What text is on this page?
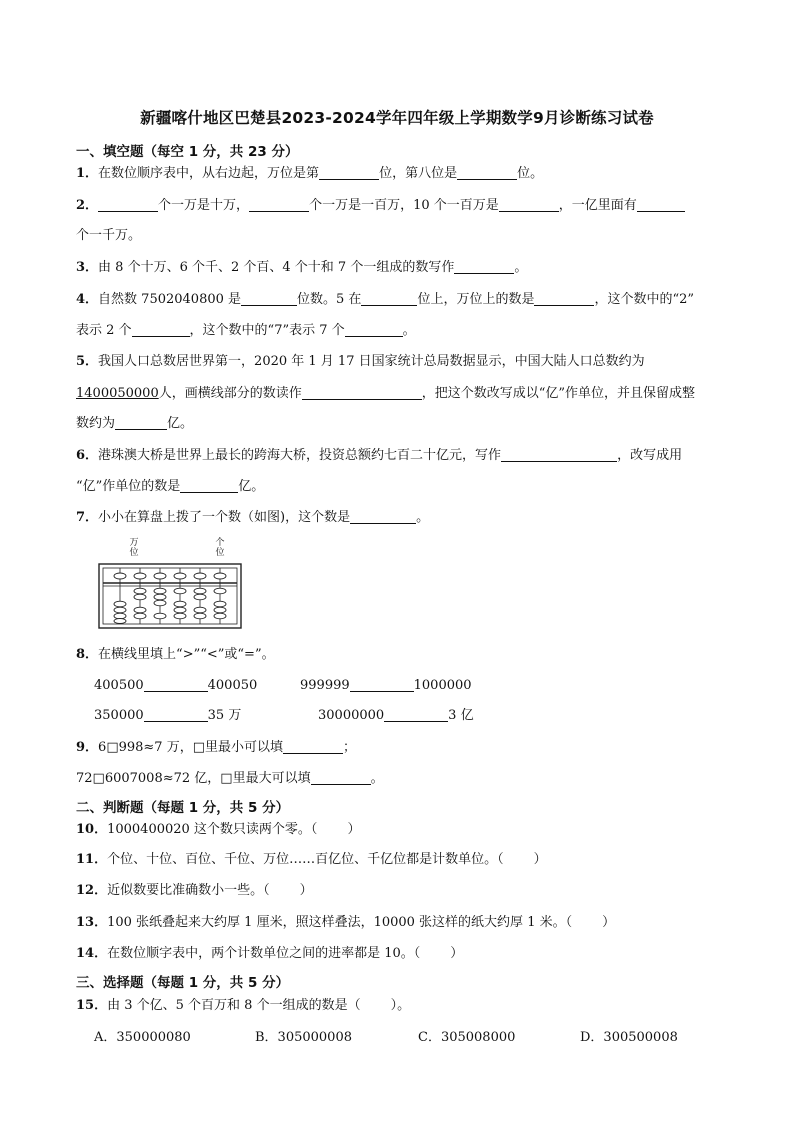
新疆喀什地区巴楚县2023-2024学年四年级上学期数学9月诊断练习试卷
一、填空题（每空 1 分，共 23 分）
1．在数位顺序表中，从右边起，万位是第	位，第八位是	位。
2．	个一万是十万，	个一万是一百万，10 个一百万是	，一亿里面有
个一千万。
3．由 8 个十万、6 个千、2 个百、4 个十和 7 个一组成的数写作	。
4．自然数 7502040800 是	位数。5 在	位上，万位上的数是	，这个数中的“2”
表示 2 个	，这个数中的“7”表示 7 个	。
5．我国人口总数居世界第一，2020 年 1 月 17 日国家统计总局数据显示，中国大陆人口总数约为
1400050000人，画横线部分的数读作	，把这个数改写成以“亿”作单位，并且保留成整
数约为	亿。
6．港珠澳大桥是世界上最长的跨海大桥，投资总额约七百二十亿元，写作	，改写成用
“亿”作单位的数是	亿。
7．小小在算盘上拨了一个数（如图)，这个数是	。
万
位
个
位
8．在横线里填上“>”“<”或“=”。
400500	400050	999999	1000000
350000	35 万	30000000	3 亿
9．6□998≈7 万，□里最小可以填	；
72□6007008≈72 亿，□里最大可以填	。
二、判断题（每题 1 分，共 5 分）
10．1000400020 这个数只读两个零。（ ）
11．个位、十位、百位、千位、万位……百亿位、千亿位都是计数单位。（ ）
12．近似数要比准确数小一些。（ ）
13．100 张纸叠起来大约厚 1 厘米，照这样叠法，10000 张这样的纸大约厚 1 米。（ ）
14．在数位顺字表中，两个计数单位之间的进率都是 10。（ ）
三、选择题（每题 1 分，共 5 分）
15．由 3 个亿、5 个百万和 8 个一组成的数是（ ）。
A．350000080	B．305000008	C．305008000	D．300500008
